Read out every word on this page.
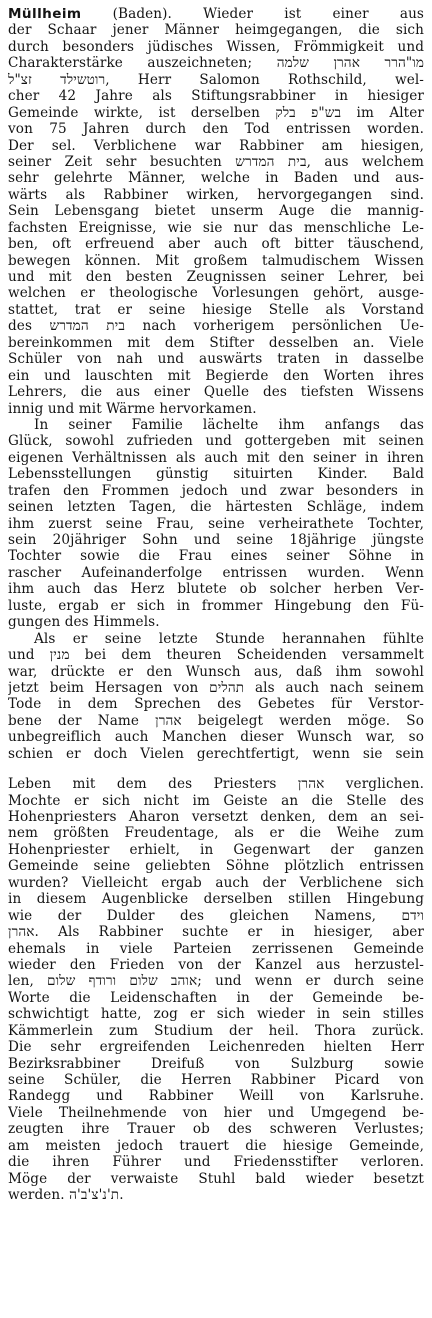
Müllheim (Baden). Wieder ist einer aus
der Schaar jener Männer heimgegangen, die sich
durch besonders jüdisches Wissen, Frömmigkeit und
Charakterstärke auszeichneten; מו"הרר אהרן שלמה
רוטשילד זצ"ל, Herr Salomon Rothschild, wel-
cher 42 Jahre als Stiftungsrabbiner in hiesiger
Gemeinde wirkte, ist derselben בש"פ בלק im Alter
von 75 Jahren durch den Tod entrissen worden.
Der sel. Verblichene war Rabbiner am hiesigen,
seiner Zeit sehr besuchten בית המדרש, aus welchem
sehr gelehrte Männer, welche in Baden und aus-
wärts als Rabbiner wirken, hervorgegangen sind.
Sein Lebensgang bietet unserm Auge die mannig-
fachsten Ereignisse, wie sie nur das menschliche Le-
ben, oft erfreuend aber auch oft bitter täuschend,
bewegen können. Mit großem talmudischem Wissen
und mit den besten Zeugnissen seiner Lehrer, bei
welchen er theologische Vorlesungen gehört, ausge-
stattet, trat er seine hiesige Stelle als Vorstand
des בית המדרש nach vorherigem persönlichen Ue-
bereinkommen mit dem Stifter desselben an. Viele
Schüler von nah und auswärts traten in dasselbe
ein und lauschten mit Begierde den Worten ihres
Lehrers, die aus einer Quelle des tiefsten Wissens
innig und mit Wärme hervorkamen.
In seiner Familie lächelte ihm anfangs das
Glück, sowohl zufrieden und gottergeben mit seinen
eigenen Verhältnissen als auch mit den seiner in ihren
Lebensstellungen günstig situirten Kinder. Bald
trafen den Frommen jedoch und zwar besonders in
seinen letzten Tagen, die härtesten Schläge, indem
ihm zuerst seine Frau, seine verheirathete Tochter,
sein 20jähriger Sohn und seine 18jährige jüngste
Tochter sowie die Frau eines seiner Söhne in
rascher Aufeinanderfolge entrissen wurden. Wenn
ihm auch das Herz blutete ob solcher herben Ver-
luste, ergab er sich in frommer Hingebung den Fü-
gungen des Himmels.
Als er seine letzte Stunde herannahen fühlte
und מנין bei dem theuren Scheidenden versammelt
war, drückte er den Wunsch aus, daß ihm sowohl
jetzt beim Hersagen von תהלים als auch nach seinem
Tode in dem Sprechen des Gebetes für Verstor-
bene der Name אהרן beigelegt werden möge. So
unbegreiflich auch Manchen dieser Wunsch war, so
schien er doch Vielen gerechtfertigt, wenn sie sein
Leben mit dem des Priesters אהרן verglichen.
Mochte er sich nicht im Geiste an die Stelle des
Hohenpriesters Aharon versetzt denken, dem an sei-
nem größten Freudentage, als er die Weihe zum
Hohenpriester erhielt, in Gegenwart der ganzen
Gemeinde seine geliebten Söhne plötzlich entrissen
wurden? Vielleicht ergab auch der Verblichene sich
in diesem Augenblicke derselben stillen Hingebung
wie der Dulder des gleichen Namens, וידם
אהרן. Als Rabbiner suchte er in hiesiger, aber
ehemals in viele Parteien zerrissenen Gemeinde
wieder den Frieden von der Kanzel aus herzustel-
len, אוהב שלום ורודף שלום; und wenn er durch seine
Worte die Leidenschaften in der Gemeinde be-
schwichtigt hatte, zog er sich wieder in sein stilles
Kämmerlein zum Studium der heil. Thora zurück.
Die sehr ergreifenden Leichenreden hielten Herr
Bezirksrabbiner Dreifuß von Sulzburg sowie
seine Schüler, die Herren Rabbiner Picard von
Randegg und Rabbiner Weill von Karlsruhe.
Viele Theilnehmende von hier und Umgegend be-
zeugten ihre Trauer ob des schweren Verlustes;
am meisten jedoch trauert die hiesige Gemeinde,
die ihren Führer und Friedensstifter verloren.
Möge der verwaiste Stuhl bald wieder besetzt
werden. ת'נ'צ'ב'ה.
